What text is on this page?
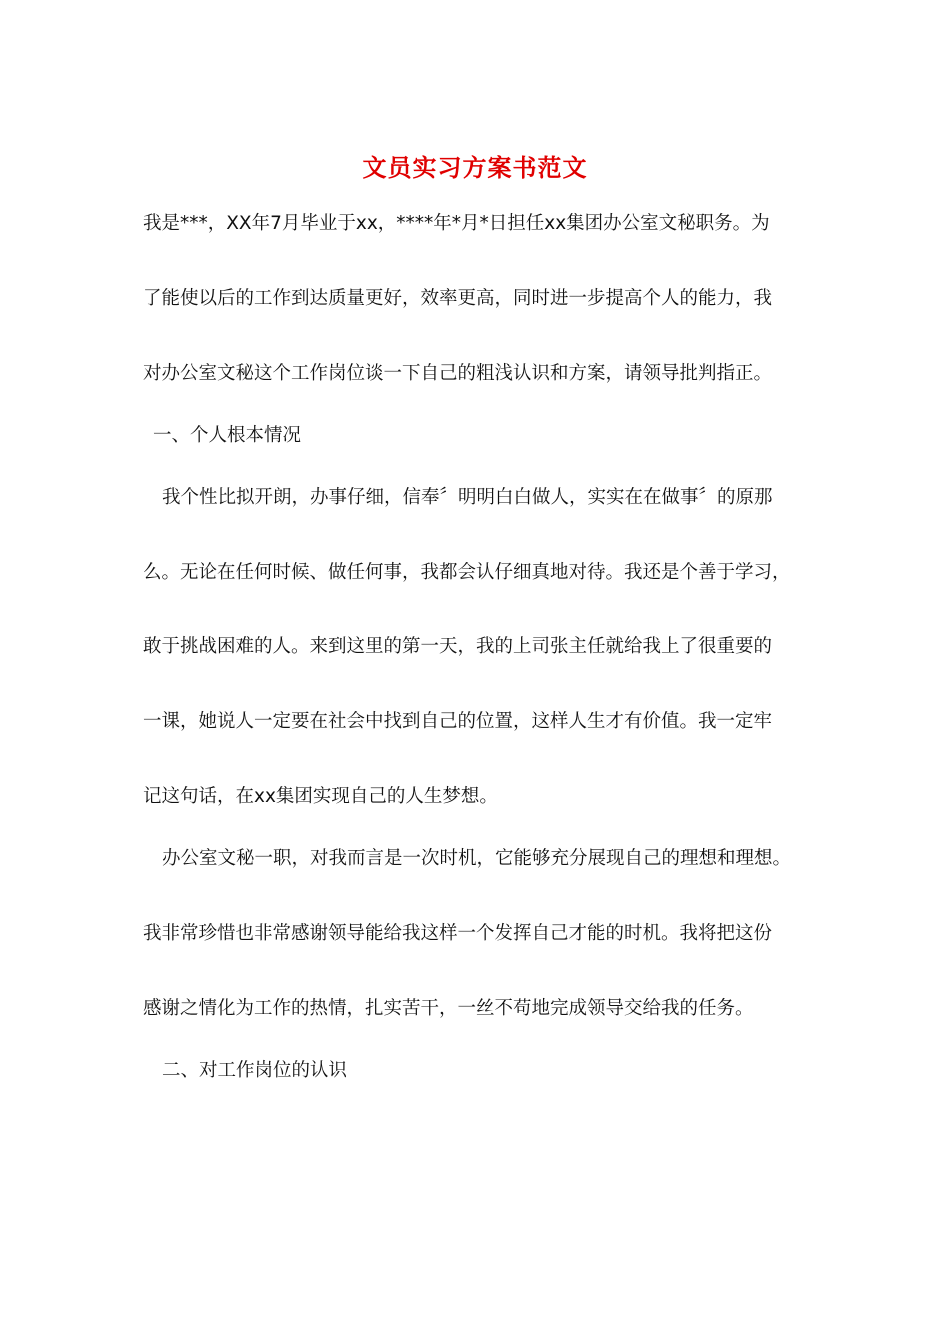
文员实习方案书范文
我是***，XX年7月毕业于xx，****年*月*日担任xx集团办公室文秘职务。为
了能使以后的工作到达质量更好，效率更高，同时进一步提高个人的能力，我
对办公室文秘这个工作岗位谈一下自己的粗浅认识和方案，请领导批判指正。
一、个人根本情况
我个性比拟开朗，办事仔细，信奉〞明明白白做人，实实在在做事〞的原那
么。无论在任何时候、做任何事，我都会认仔细真地对待。我还是个善于学习，
敢于挑战困难的人。来到这里的第一天，我的上司张主任就给我上了很重要的
一课，她说人一定要在社会中找到自己的位置，这样人生才有价值。我一定牢
记这句话，在xx集团实现自己的人生梦想。
办公室文秘一职，对我而言是一次时机，它能够充分展现自己的理想和理想。
我非常珍惜也非常感谢领导能给我这样一个发挥自己才能的时机。我将把这份
感谢之情化为工作的热情，扎实苦干，一丝不苟地完成领导交给我的任务。
二、对工作岗位的认识
